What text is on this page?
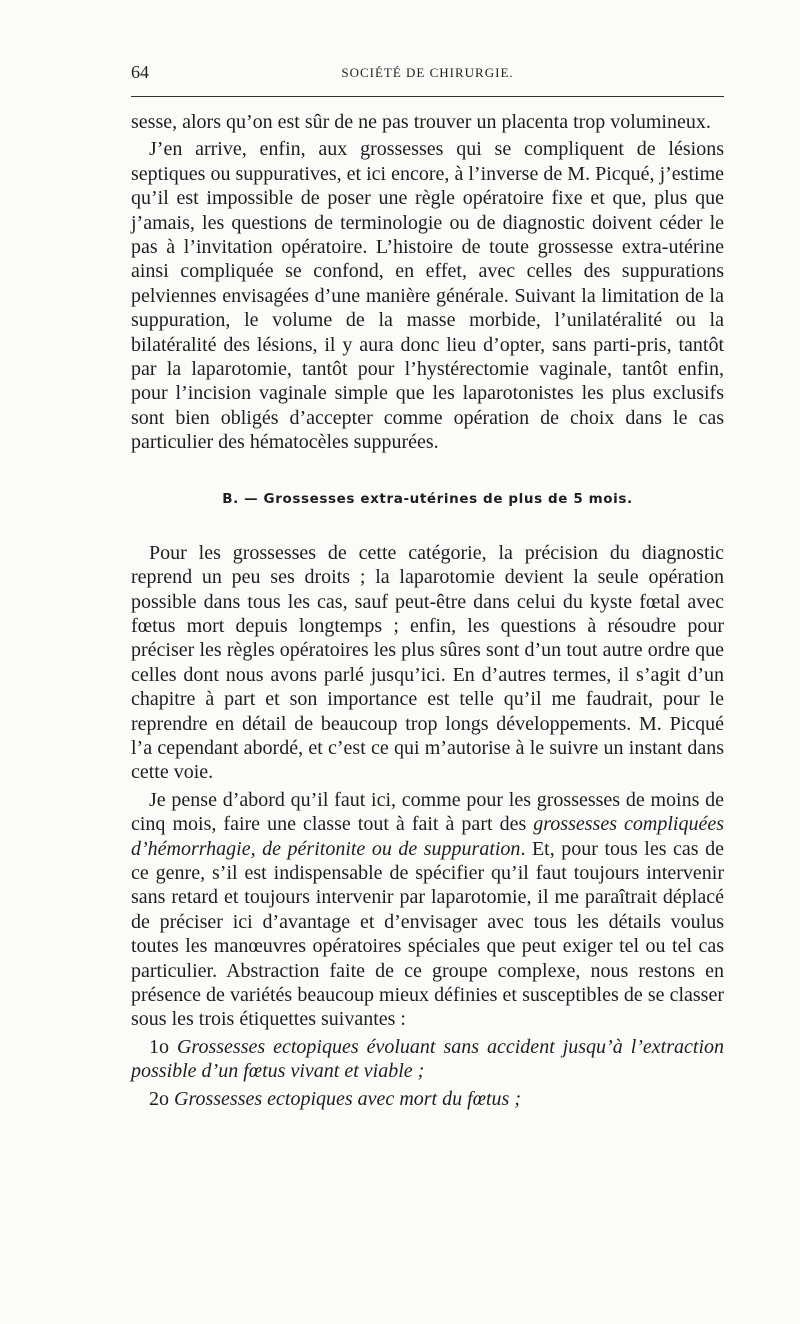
64	SOCIÉTÉ DE CHIRURGIE.

sesse, alors qu’on est sûr de ne pas trouver un placenta trop volumineux.

J’en arrive, enfin, aux grossesses qui se compliquent de lésions septiques ou suppuratives, et ici encore, à l’inverse de M. Picqué, j’estime qu’il est impossible de poser une règle opératoire fixe et que, plus que j’amais, les questions de terminologie ou de diagnostic doivent céder le pas à l’invitation opératoire. L’histoire de toute grossesse extra-utérine ainsi compliquée se confond, en effet, avec celles des suppurations pelviennes envisagées d’une manière générale. Suivant la limitation de la suppuration, le volume de la masse morbide, l’unilatéralité ou la bilatéralité des lésions, il y aura donc lieu d’opter, sans parti-pris, tantôt par la laparotomie, tantôt pour l’hystérectomie vaginale, tantôt enfin, pour l’incision vaginale simple que les laparotonistes les plus exclusifs sont bien obligés d’accepter comme opération de choix dans le cas particulier des hématocèles suppurées.

B. — Grossesses extra-utérines de plus de 5 mois.

Pour les grossesses de cette catégorie, la précision du diagnostic reprend un peu ses droits ; la laparotomie devient la seule opération possible dans tous les cas, sauf peut-être dans celui du kyste fœtal avec fœtus mort depuis longtemps ; enfin, les questions à résoudre pour préciser les règles opératoires les plus sûres sont d’un tout autre ordre que celles dont nous avons parlé jusqu’ici. En d’autres termes, il s’agit d’un chapitre à part et son importance est telle qu’il me faudrait, pour le reprendre en détail de beaucoup trop longs développements. M. Picqué l’a cependant abordé, et c’est ce qui m’autorise à le suivre un instant dans cette voie.

Je pense d’abord qu’il faut ici, comme pour les grossesses de moins de cinq mois, faire une classe tout à fait à part des grossesses compliquées d’hémorrhagie, de péritonite ou de suppuration. Et, pour tous les cas de ce genre, s’il est indispensable de spécifier qu’il faut toujours intervenir sans retard et toujours intervenir par laparotomie, il me paraîtrait déplacé de préciser ici d’avantage et d’envisager avec tous les détails voulus toutes les manœuvres opératoires spéciales que peut exiger tel ou tel cas particulier. Abstraction faite de ce groupe complexe, nous restons en présence de variétés beaucoup mieux définies et susceptibles de se classer sous les trois étiquettes suivantes :

1o Grossesses ectopiques évoluant sans accident jusqu’à l’extraction possible d’un fœtus vivant et viable ;

2o Grossesses ectopiques avec mort du fœtus ;
